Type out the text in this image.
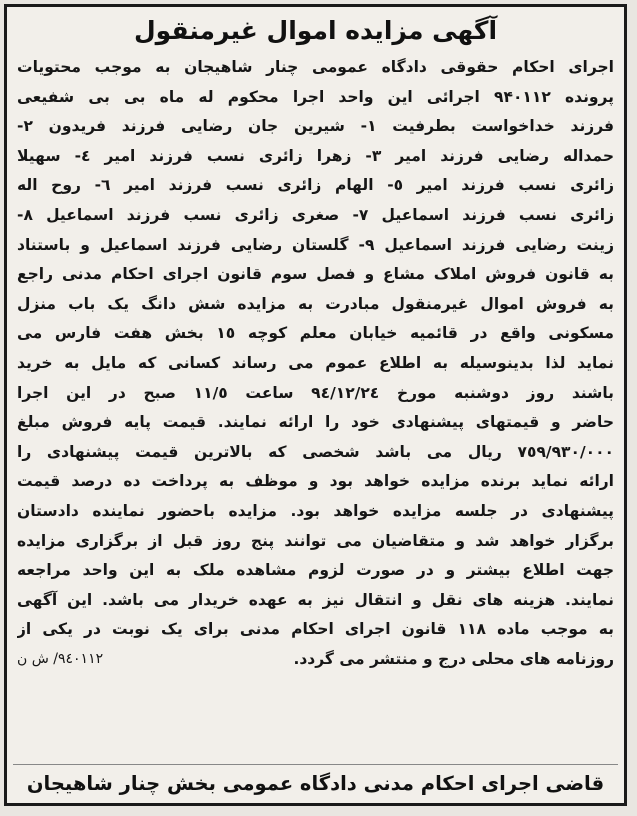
آگهی مزایده اموال غیرمنقول
اجرای احکام حقوقی دادگاه عمومی چنار شاهیجان به موجب محتویات
پرونده ۹۴۰۱۱۲ اجرائی این واحد اجرا محکوم له ماه بی بی شفیعی
فرزند خداخواست بطرفیت ۱- شیرین جان رضایی فرزند فریدون ۲-
حمداله رضایی فرزند امیر ۳- زهرا زائری نسب فرزند امیر ٤- سهیلا
زائری نسب فرزند امیر ٥- الهام زائری نسب فرزند امیر ٦- روح اله
زائری نسب فرزند اسماعیل ۷- صغری زائری نسب فرزند اسماعیل ۸-
زینت رضایی فرزند اسماعیل ۹- گلستان رضایی فرزند اسماعیل و باستناد
به قانون فروش املاک مشاع و فصل سوم قانون اجرای احکام مدنی راجع
به فروش اموال غیرمنقول مبادرت به مزایده شش دانگ یک باب منزل
مسکونی واقع در قائمیه خیابان معلم کوچه ۱٥ بخش هفت فارس می
نماید لذا بدینوسیله به اطلاع عموم می رساند کسانی که مایل به خرید
باشند روز دوشنبه مورخ ۹٤/۱۲/۲٤ ساعت ۱۱/٥ صبح در این اجرا
حاضر و قیمتهای پیشنهادی خود را ارائه نمایند. قیمت پایه فروش مبلغ
۷٥۹/۹۳۰/۰۰۰ ریال می باشد شخصی که بالاترین قیمت پیشنهادی را
ارائه نماید برنده مزایده خواهد بود و موظف به پرداخت ده درصد قیمت
پیشنهادی در جلسه مزایده خواهد بود. مزایده باحضور نماینده دادستان
برگزار خواهد شد و متقاضیان می توانند پنج روز قبل از برگزاری مزایده
جهت اطلاع بیشتر و در صورت لزوم مشاهده ملک به این واحد مراجعه
نمایند. هزینه های نقل و انتقال نیز به عهده خریدار می باشد. این آگهی
به موجب ماده ۱۱۸ قانون اجرای احکام مدنی برای یک نوبت در یکی از
روزنامه های محلی درج و منتشر می گردد.
۹٤۰۱۱۲/ ش ن
قاضی اجرای احکام مدنی دادگاه عمومی بخش چنار شاهیجان
